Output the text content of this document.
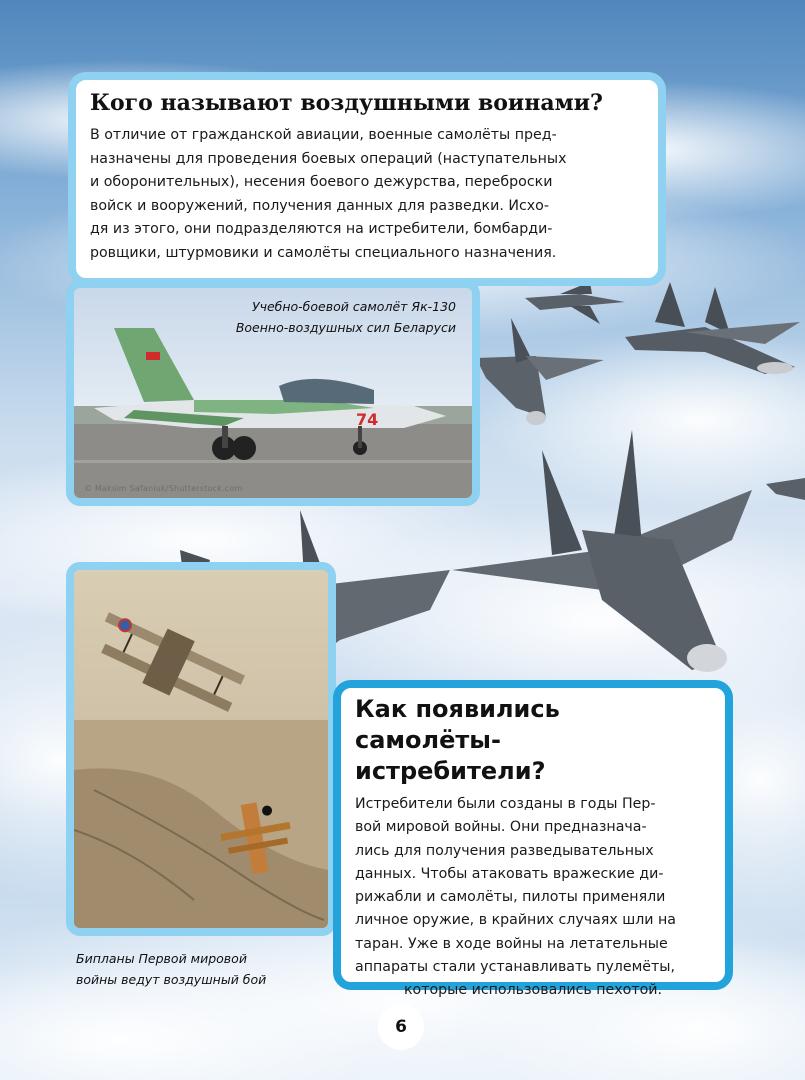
Кого называют воздушными воинами?

В отличие от гражданской авиации, военные самолёты пред-
назначены для проведения боевых операций (наступательных
и оборонительных), несения боевого дежурства, переброски
войск и вооружений, получения данных для разведки. Исхо-
дя из этого, они подразделяются на истребители, бомбарди-
ровщики, штурмовики и самолёты специального назначения.

74
Учебно-боевой самолёт Як-130
Военно-воздушных сил Беларуси
© Maksim Safaniuk/Shutterstock.com
Бипланы Первой мировой
войны ведут воздушный бой
Как появились самолёты-
истребители?

Истребители были созданы в годы Пер-
вой мировой войны. Они предназнача-
лись для получения разведывательных
данных. Чтобы атаковать вражеские ди-
рижабли и самолёты, пилоты применяли
личное оружие, в крайних случаях шли на
таран. Уже в ходе войны на летательные
аппараты стали устанавливать пулемёты,

которые использовались пехотой.

6
